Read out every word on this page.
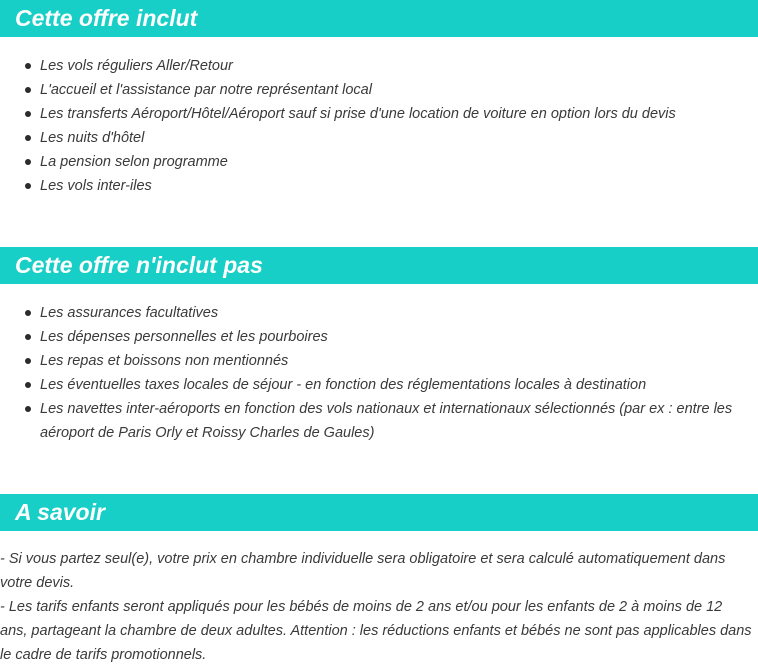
Cette offre inclut
Les vols réguliers Aller/Retour
L'accueil et l'assistance par notre représentant local
Les transferts Aéroport/Hôtel/Aéroport sauf si prise d'une location de voiture en option lors du devis
Les nuits d'hôtel
La pension selon programme
Les vols inter-iles
Cette offre n'inclut pas
Les assurances facultatives
Les dépenses personnelles et les pourboires
Les repas et boissons non mentionnés
Les éventuelles taxes locales de séjour - en fonction des réglementations locales à destination
Les navettes inter-aéroports en fonction des vols nationaux et internationaux sélectionnés (par ex : entre les aéroport de Paris Orly et Roissy Charles de Gaules)
A savoir

- Si vous partez seul(e), votre prix en chambre individuelle sera obligatoire et sera calculé automatiquement dans votre devis.

- Les tarifs enfants seront appliqués pour les bébés de moins de 2 ans et/ou pour les enfants de 2 à moins de 12 ans, partageant la chambre de deux adultes. Attention : les réductions enfants et bébés ne sont pas applicables dans le cadre de tarifs promotionnels.
